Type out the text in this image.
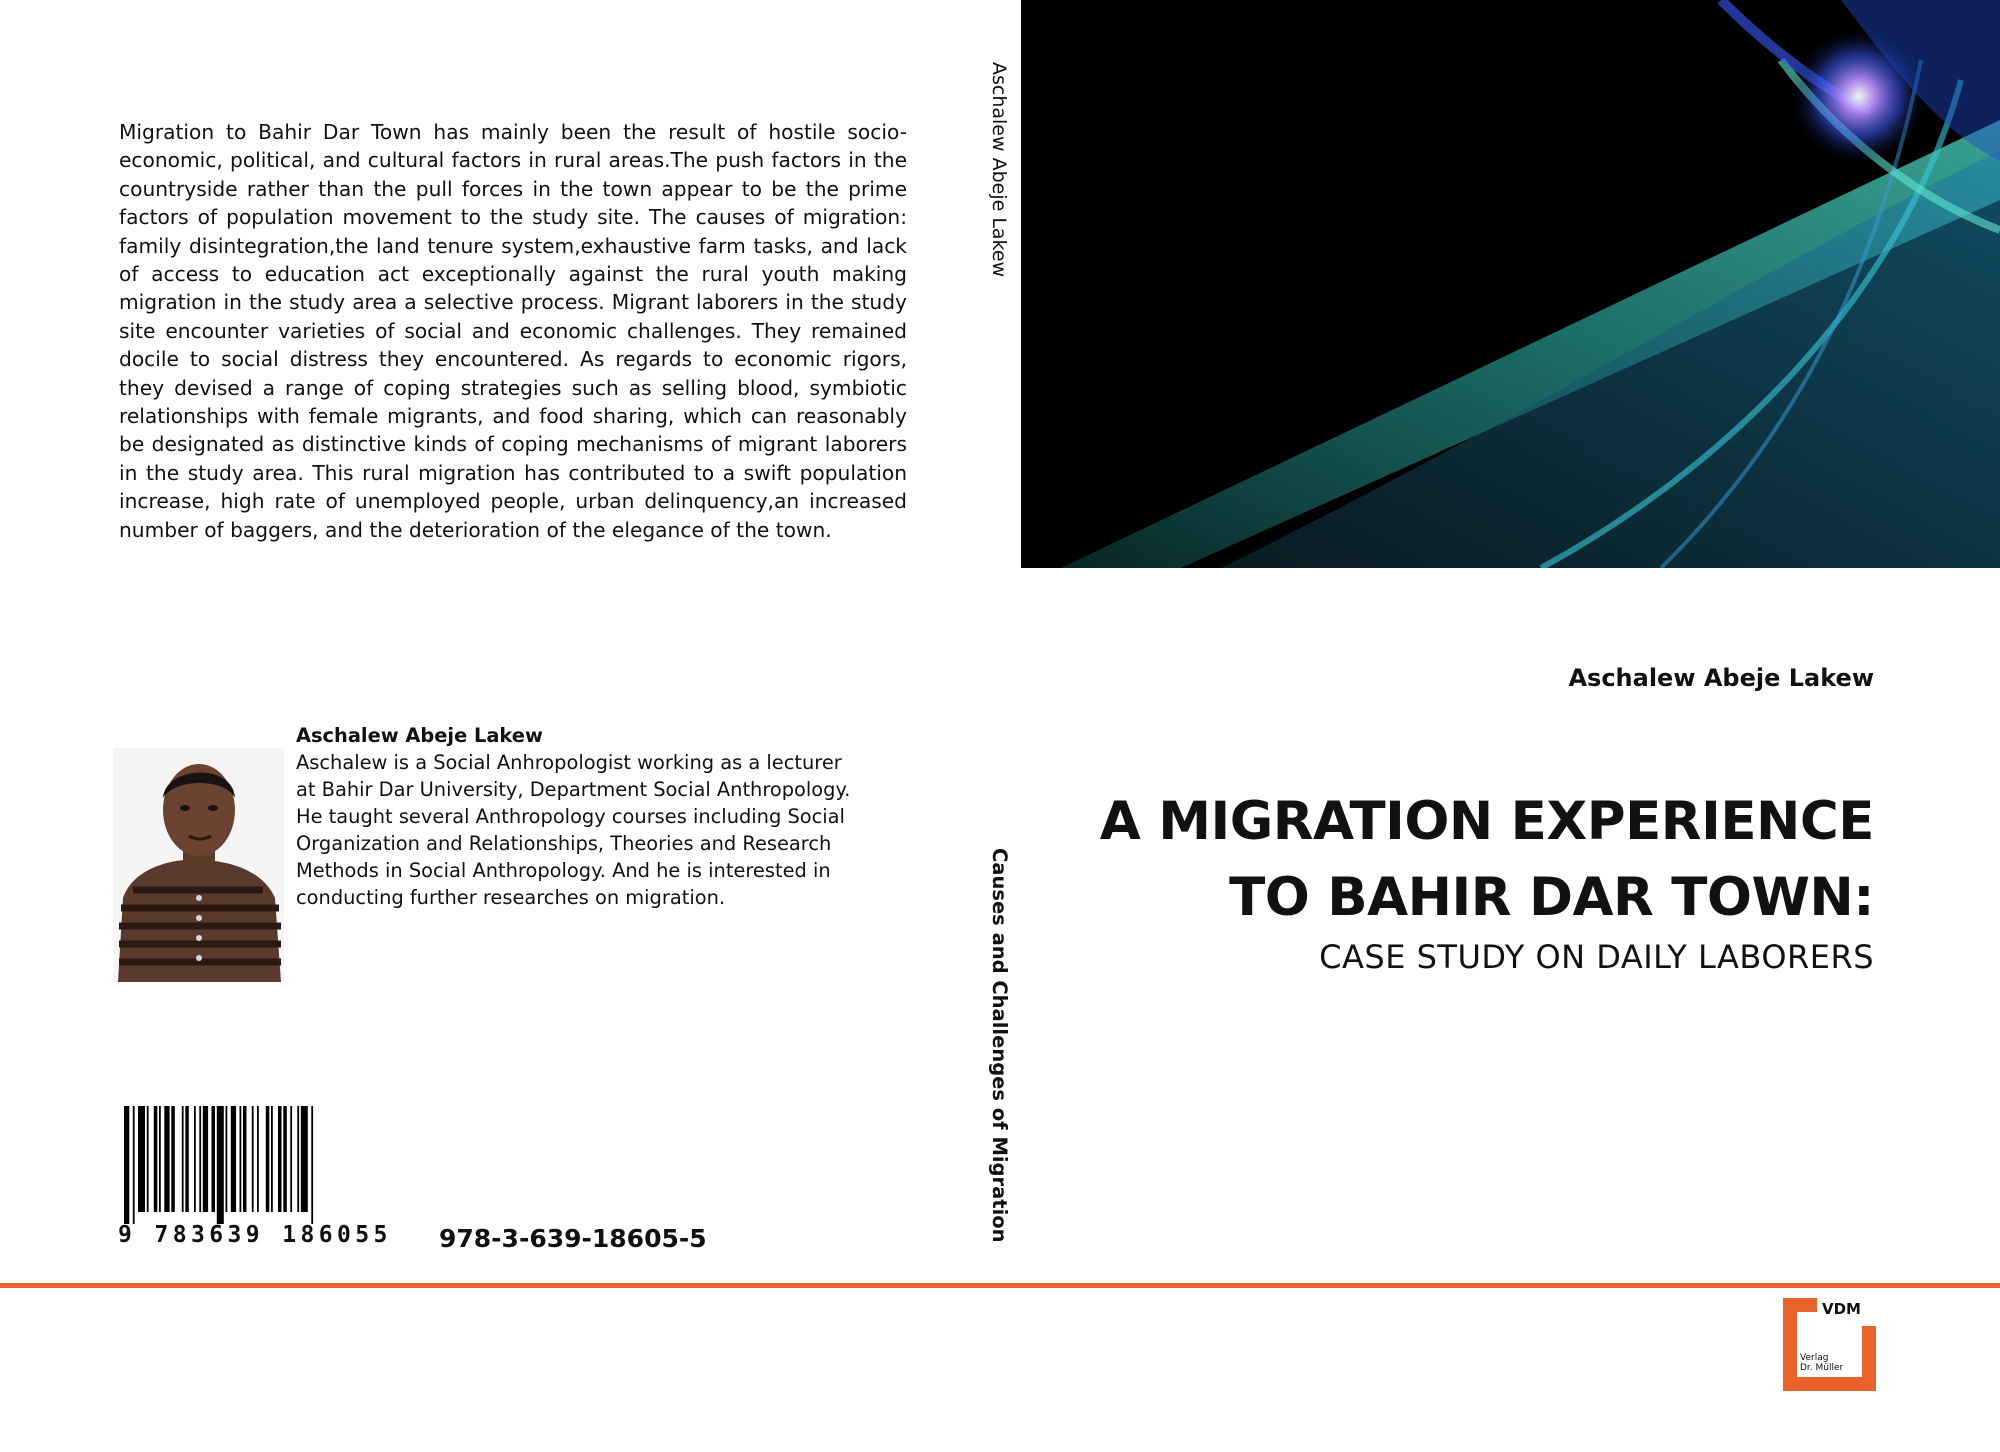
Migration to Bahir Dar Town has mainly been the result of hostile socio-economic, political, and cultural factors in rural areas.The push factors in the countryside rather than the pull forces in the town appear to be the prime factors of population movement to the study site. The causes of migration: family disintegration,the land tenure system,exhaustive farm tasks, and lack of access to education act exceptionally against the rural youth making migration in the study area a selective process. Migrant laborers in the study site encounter varieties of social and economic challenges. They remained docile to social distress they encountered. As regards to economic rigors, they devised a range of coping strategies such as selling blood, symbiotic relationships with female migrants, and food sharing, which can reasonably be designated as distinctive kinds of coping mechanisms of migrant laborers in the study area. This rural migration has contributed to a swift population increase, high rate of unemployed people, urban delinquency,an increased number of baggers, and the deterioration of the elegance of the town.

Aschalew Abeje Lakew
Aschalew is a Social Anhropologist working as a lecturer at Bahir Dar University, Department Social Anthropology. He taught several Anthropology courses including Social Organization and Relationships, Theories and Research Methods in Social Anthropology. And he is interested in conducting further researches on migration.
Aschalew Abeje Lakew
Causes and Challenges of Migration
Aschalew Abeje Lakew
A MIGRATION EXPERIENCE
TO BAHIR DAR TOWN:
CASE STUDY ON DAILY LABORERS
9 783639 186055	978-3-639-18605-5
VDM
Verlag
Dr. Müller
